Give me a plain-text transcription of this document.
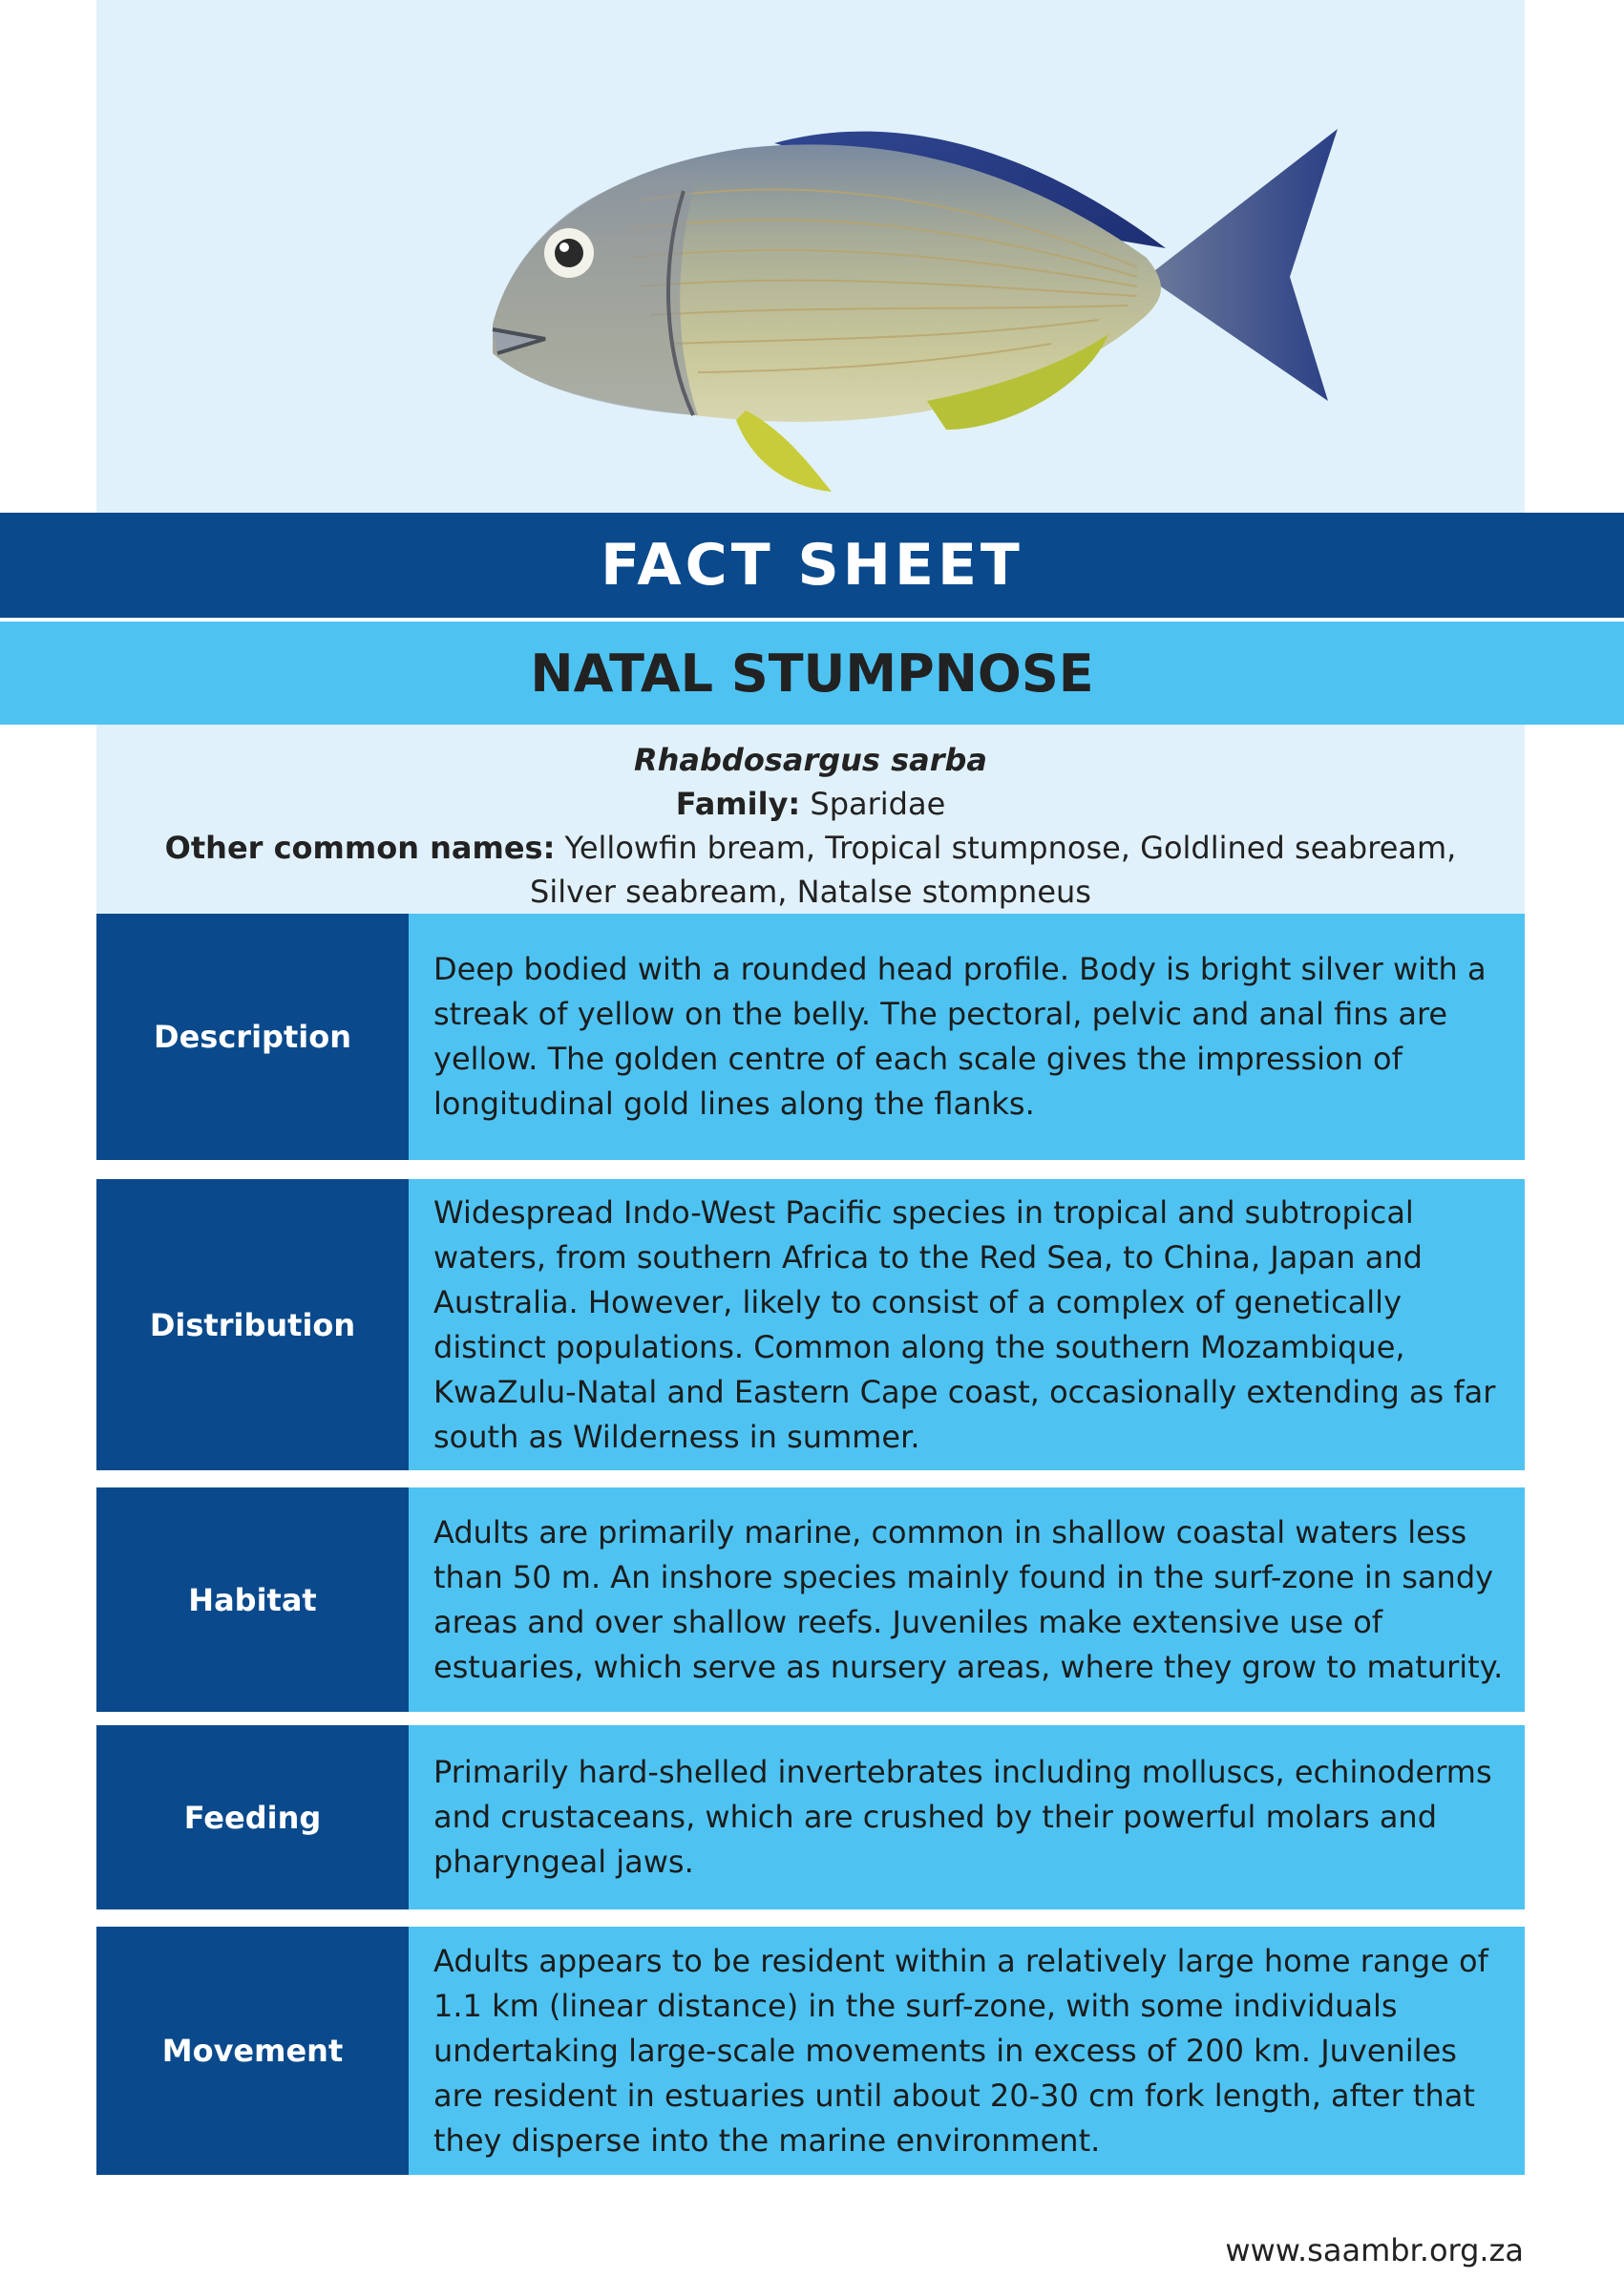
FACT SHEET
NATAL STUMPNOSE
Rhabdosargus sarba
Family: Sparidae
Other common names: Yellowfin bream, Tropical stumpnose, Goldlined seabream,
Silver seabream, Natalse stompneus
Description
Deep bodied with a rounded head profile. Body is bright silver with a streak of yellow on the belly. The pectoral, pelvic and anal fins are yellow. The golden centre of each scale gives the impression of longitudinal gold lines along the flanks.
Distribution
Widespread Indo-West Pacific species in tropical and subtropical waters, from southern Africa to the Red Sea, to China, Japan and Australia. However, likely to consist of a complex of genetically distinct populations. Common along the southern Mozambique, KwaZulu-Natal and Eastern Cape coast, occasionally extending as far south as Wilderness in summer.
Habitat
Adults are primarily marine, common in shallow coastal waters less than 50 m. An inshore species mainly found in the surf-zone in sandy areas and over shallow reefs. Juveniles make extensive use of estuaries, which serve as nursery areas, where they grow to maturity.
Feeding
Primarily hard-shelled invertebrates including molluscs, echinoderms and crustaceans, which are crushed by their powerful molars and pharyngeal jaws.
Movement
Adults appears to be resident within a relatively large home range of 1.1 km (linear distance) in the surf-zone, with some individuals undertaking large-scale movements in excess of 200 km. Juveniles are resident in estuaries until about 20-30 cm fork length, after that they disperse into the marine environment.
www.saambr.org.za
